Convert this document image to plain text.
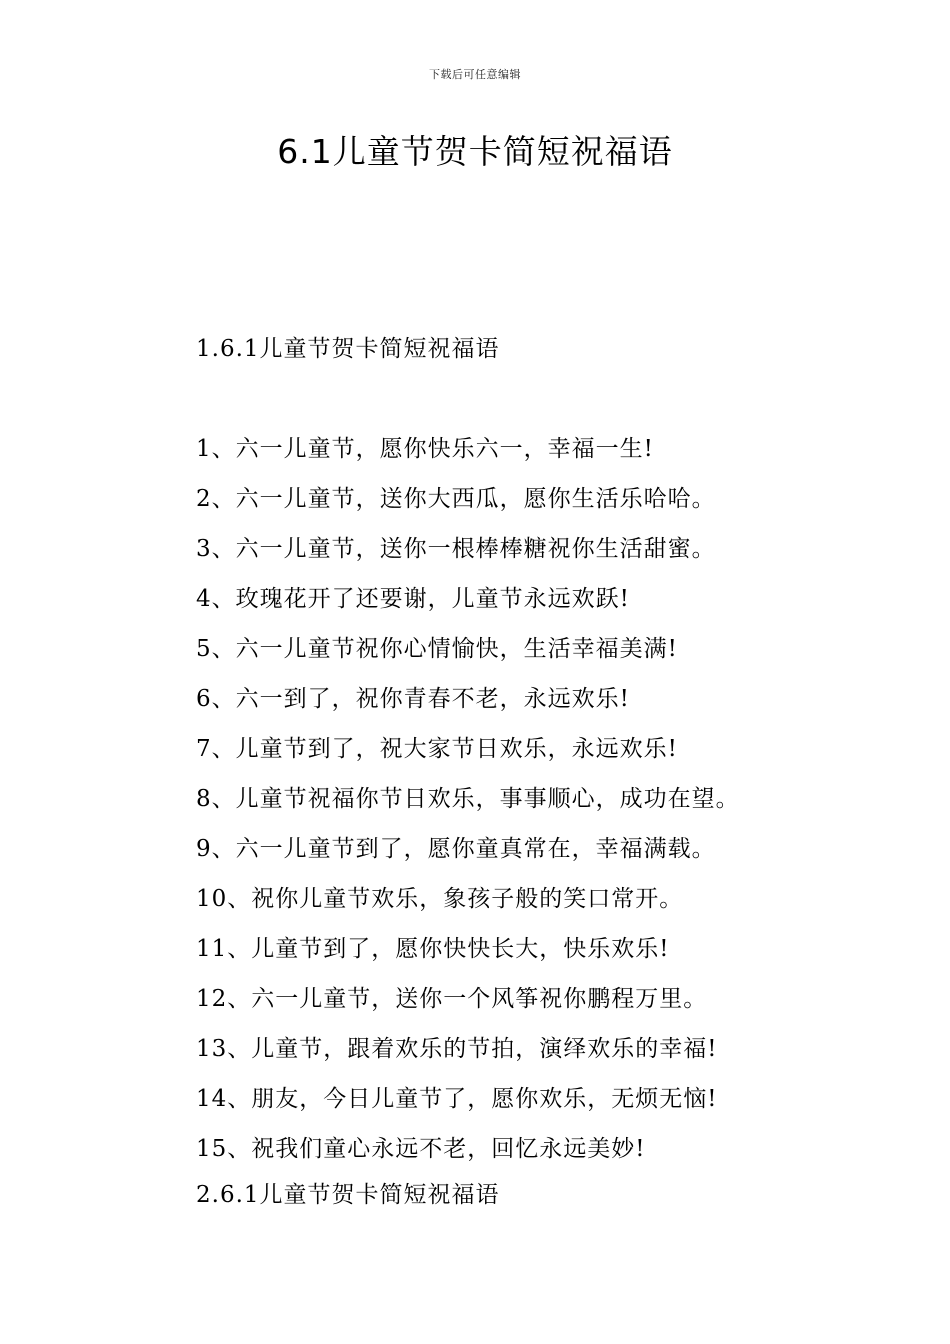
下载后可任意编辑
6.1儿童节贺卡简短祝福语
1.6.1儿童节贺卡简短祝福语
1、六一儿童节，愿你快乐六一，幸福一生!
2、六一儿童节，送你大西瓜，愿你生活乐哈哈。
3、六一儿童节，送你一根棒棒糖祝你生活甜蜜。
4、玫瑰花开了还要谢，儿童节永远欢跃!
5、六一儿童节祝你心情愉快，生活幸福美满!
6、六一到了，祝你青春不老，永远欢乐!
7、儿童节到了，祝大家节日欢乐，永远欢乐!
8、儿童节祝福你节日欢乐，事事顺心，成功在望。
9、六一儿童节到了，愿你童真常在，幸福满载。
10、祝你儿童节欢乐，象孩子般的笑口常开。
11、儿童节到了，愿你快快长大，快乐欢乐!
12、六一儿童节，送你一个风筝祝你鹏程万里。
13、儿童节，跟着欢乐的节拍，演绎欢乐的幸福!
14、朋友，今日儿童节了，愿你欢乐，无烦无恼!
15、祝我们童心永远不老，回忆永远美妙!
2.6.1儿童节贺卡简短祝福语
